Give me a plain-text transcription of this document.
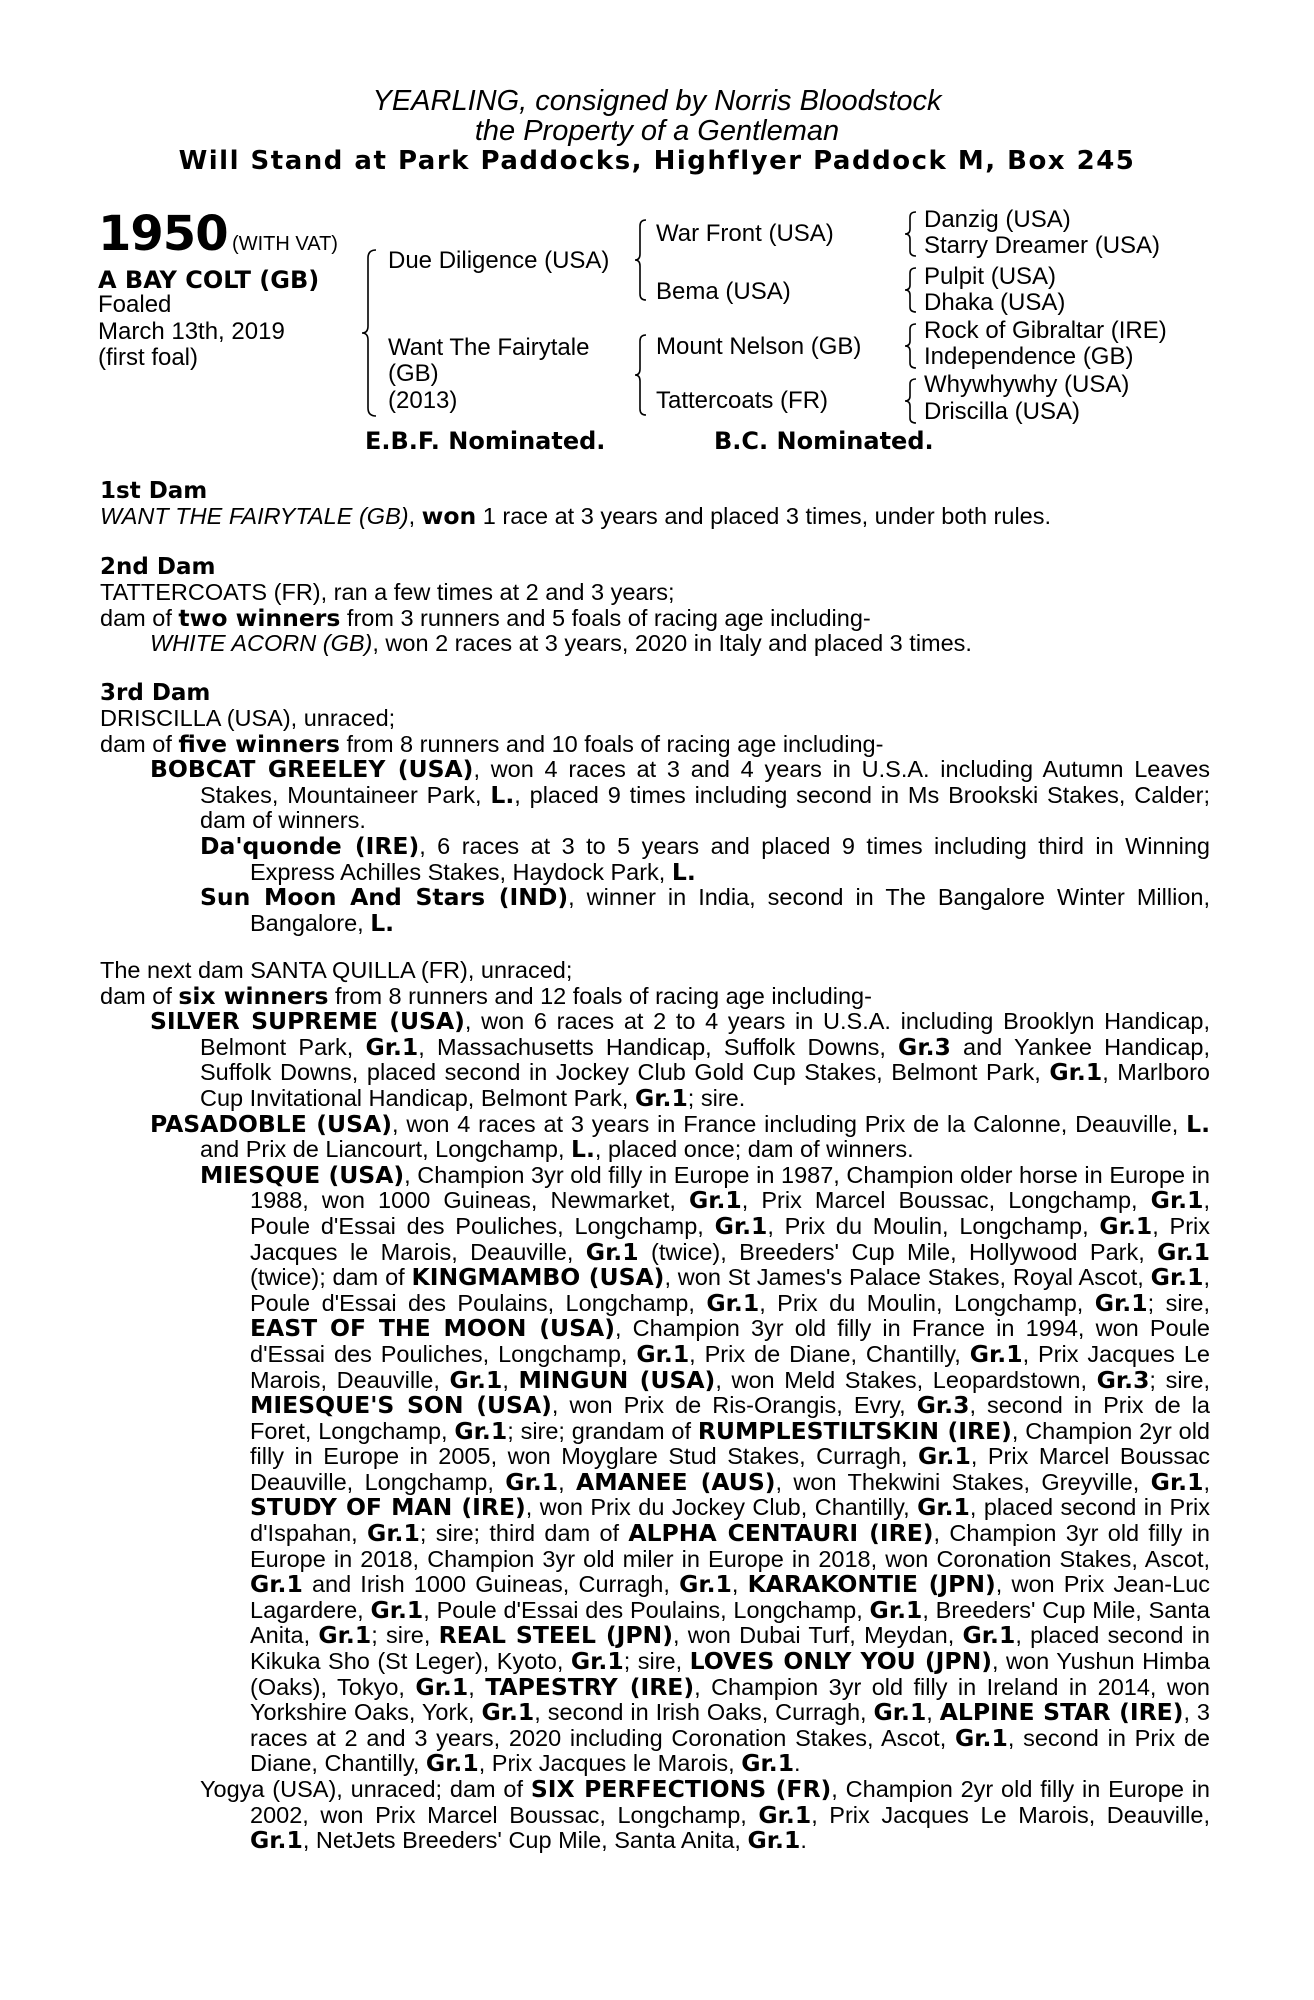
YEARLING, consigned by Norris Bloodstock
the Property of a Gentleman
Will Stand at Park Paddocks, Highflyer Paddock M, Box 245
1950 (WITH VAT)
A BAY COLT (GB)
Foaled
March 13th, 2019
(first foal)
Due Diligence (USA)
Want The Fairytale
(GB)
(2013)
War Front (USA)
Bema (USA)
Mount Nelson (GB)
Tattercoats (FR)
Danzig (USA)
Starry Dreamer (USA)
Pulpit (USA)
Dhaka (USA)
Rock of Gibraltar (IRE)
Independence (GB)
Whywhywhy (USA)
Driscilla (USA)
E.B.F. Nominated.	B.C. Nominated.
1st Dam
WANT THE FAIRYTALE (GB), won 1 race at 3 years and placed 3 times, under both rules.
2nd Dam
TATTERCOATS (FR), ran a few times at 2 and 3 years;
dam of two winners from 3 runners and 5 foals of racing age including-
WHITE ACORN (GB), won 2 races at 3 years, 2020 in Italy and placed 3 times.
3rd Dam
DRISCILLA (USA), unraced;
dam of five winners from 8 runners and 10 foals of racing age including-
BOBCAT GREELEY (USA), won 4 races at 3 and 4 years in U.S.A. including Autumn Leaves Stakes, Mountaineer Park, L., placed 9 times including second in Ms Brookski Stakes, Calder; dam of winners.
Da'quonde (IRE), 6 races at 3 to 5 years and placed 9 times including third in Winning Express Achilles Stakes, Haydock Park, L.
Sun Moon And Stars (IND), winner in India, second in The Bangalore Winter Million, Bangalore, L.
The next dam SANTA QUILLA (FR), unraced;
dam of six winners from 8 runners and 12 foals of racing age including-
SILVER SUPREME (USA), won 6 races at 2 to 4 years in U.S.A. including Brooklyn Handicap, Belmont Park, Gr.1, Massachusetts Handicap, Suffolk Downs, Gr.3 and Yankee Handicap, Suffolk Downs, placed second in Jockey Club Gold Cup Stakes, Belmont Park, Gr.1, Marlboro Cup Invitational Handicap, Belmont Park, Gr.1; sire.
PASADOBLE (USA), won 4 races at 3 years in France including Prix de la Calonne, Deauville, L. and Prix de Liancourt, Longchamp, L., placed once; dam of winners.
MIESQUE (USA), Champion 3yr old filly in Europe in 1987, Champion older horse in Europe in 1988, won 1000 Guineas, Newmarket, Gr.1, Prix Marcel Boussac, Longchamp, Gr.1, Poule d'Essai des Pouliches, Longchamp, Gr.1, Prix du Moulin, Longchamp, Gr.1, Prix Jacques le Marois, Deauville, Gr.1 (twice), Breeders' Cup Mile, Hollywood Park, Gr.1 (twice); dam of KINGMAMBO (USA), won St James's Palace Stakes, Royal Ascot, Gr.1, Poule d'Essai des Poulains, Longchamp, Gr.1, Prix du Moulin, Longchamp, Gr.1; sire, EAST OF THE MOON (USA), Champion 3yr old filly in France in 1994, won Poule d'Essai des Pouliches, Longchamp, Gr.1, Prix de Diane, Chantilly, Gr.1, Prix Jacques Le Marois, Deauville, Gr.1, MINGUN (USA), won Meld Stakes, Leopardstown, Gr.3; sire, MIESQUE'S SON (USA), won Prix de Ris-Orangis, Evry, Gr.3, second in Prix de la Foret, Longchamp, Gr.1; sire; grandam of RUMPLESTILTSKIN (IRE), Champion 2yr old filly in Europe in 2005, won Moyglare Stud Stakes, Curragh, Gr.1, Prix Marcel Boussac Deauville, Longchamp, Gr.1, AMANEE (AUS), won Thekwini Stakes, Greyville, Gr.1, STUDY OF MAN (IRE), won Prix du Jockey Club, Chantilly, Gr.1, placed second in Prix d'Ispahan, Gr.1; sire; third dam of ALPHA CENTAURI (IRE), Champion 3yr old filly in Europe in 2018, Champion 3yr old miler in Europe in 2018, won Coronation Stakes, Ascot, Gr.1 and Irish 1000 Guineas, Curragh, Gr.1, KARAKONTIE (JPN), won Prix Jean-Luc Lagardere, Gr.1, Poule d'Essai des Poulains, Longchamp, Gr.1, Breeders' Cup Mile, Santa Anita, Gr.1; sire, REAL STEEL (JPN), won Dubai Turf, Meydan, Gr.1, placed second in Kikuka Sho (St Leger), Kyoto, Gr.1; sire, LOVES ONLY YOU (JPN), won Yushun Himba (Oaks), Tokyo, Gr.1, TAPESTRY (IRE), Champion 3yr old filly in Ireland in 2014, won Yorkshire Oaks, York, Gr.1, second in Irish Oaks, Curragh, Gr.1, ALPINE STAR (IRE), 3 races at 2 and 3 years, 2020 including Coronation Stakes, Ascot, Gr.1, second in Prix de Diane, Chantilly, Gr.1, Prix Jacques le Marois, Gr.1.
Yogya (USA), unraced; dam of SIX PERFECTIONS (FR), Champion 2yr old filly in Europe in 2002, won Prix Marcel Boussac, Longchamp, Gr.1, Prix Jacques Le Marois, Deauville, Gr.1, NetJets Breeders' Cup Mile, Santa Anita, Gr.1.
